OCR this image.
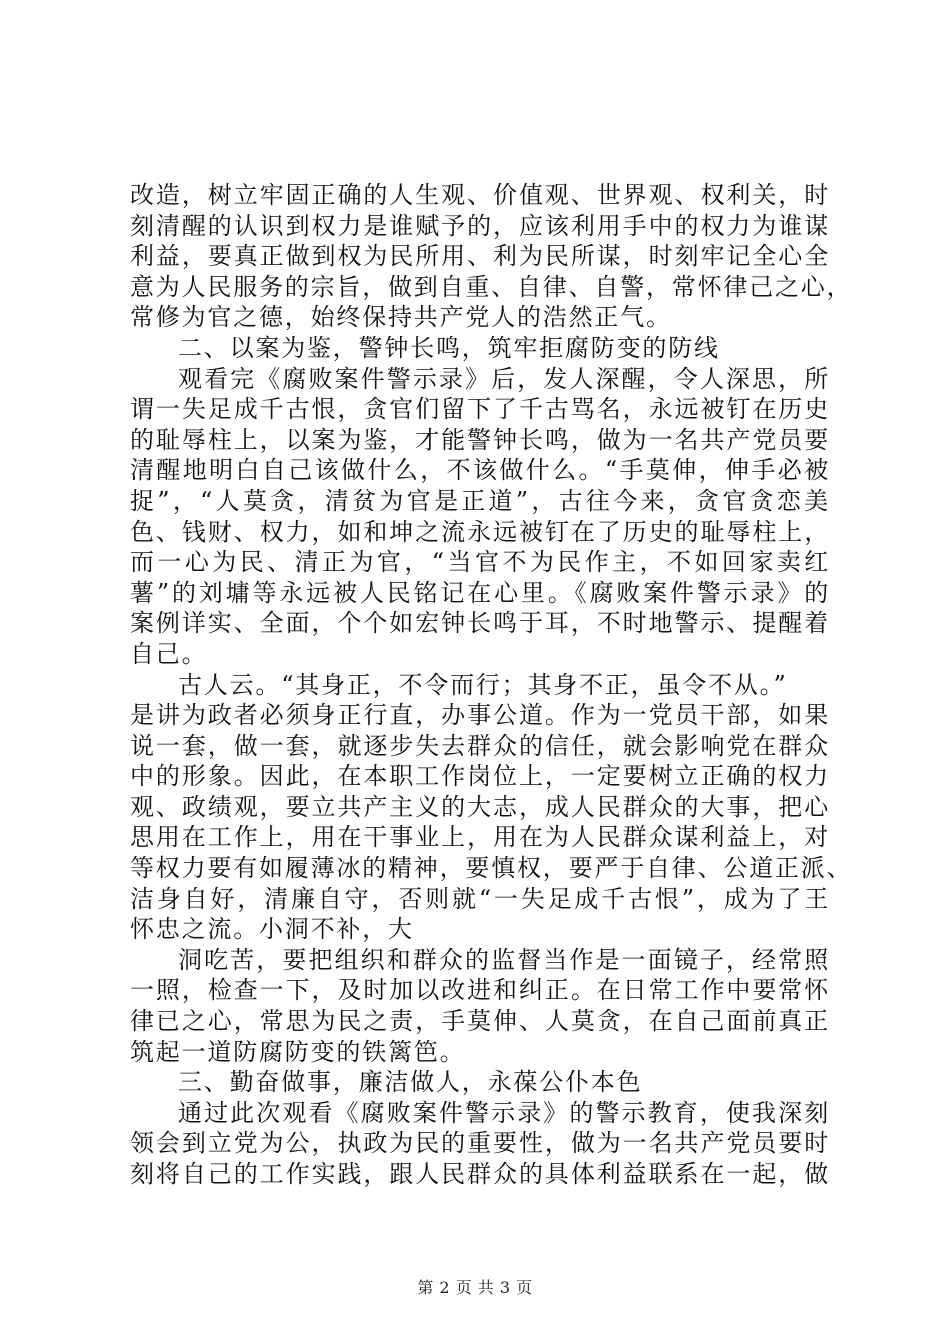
改造，树立牢固正确的人生观、价值观、世界观、权利关，时
刻清醒的认识到权力是谁赋予的，应该利用手中的权力为谁谋
利益，要真正做到权为民所用、利为民所谋，时刻牢记全心全
意为人民服务的宗旨，做到自重、自律、自警，常怀律己之心，
常修为官之德，始终保持共产党人的浩然正气。
二、以案为鉴，警钟长鸣，筑牢拒腐防变的防线
观看完《腐败案件警示录》后，发人深醒，令人深思，所
谓一失足成千古恨，贪官们留下了千古骂名，永远被钉在历史
的耻辱柱上，以案为鉴，才能警钟长鸣，做为一名共产党员要
清醒地明白自己该做什么，不该做什么。“手莫伸，伸手必被
捉”，“人莫贪，清贫为官是正道”，古往今来，贪官贪恋美
色、钱财、权力，如和坤之流永远被钉在了历史的耻辱柱上，
而一心为民、清正为官，“当官不为民作主，不如回家卖红
薯”的刘墉等永远被人民铭记在心里。《腐败案件警示录》的
案例详实、全面，个个如宏钟长鸣于耳，不时地警示、提醒着
自己。
古人云。“其身正，不令而行；其身不正，虽令不从。”
是讲为政者必须身正行直，办事公道。作为一党员干部，如果
说一套，做一套，就逐步失去群众的信任，就会影响党在群众
中的形象。因此，在本职工作岗位上，一定要树立正确的权力
观、政绩观，要立共产主义的大志，成人民群众的大事，把心
思用在工作上，用在干事业上，用在为人民群众谋利益上，对
等权力要有如履薄冰的精神，要慎权，要严于自律、公道正派、
洁身自好，清廉自守，否则就“一失足成千古恨”，成为了王
怀忠之流。小洞不补，大
洞吃苦，要把组织和群众的监督当作是一面镜子，经常照
一照，检查一下，及时加以改进和纠正。在日常工作中要常怀
律已之心，常思为民之责，手莫伸、人莫贪，在自己面前真正
筑起一道防腐防变的铁篱笆。
三、勤奋做事，廉洁做人，永葆公仆本色
通过此次观看《腐败案件警示录》的警示教育，使我深刻
领会到立党为公，执政为民的重要性，做为一名共产党员要时
刻将自己的工作实践，跟人民群众的具体利益联系在一起，做
第 2 页 共 3 页
